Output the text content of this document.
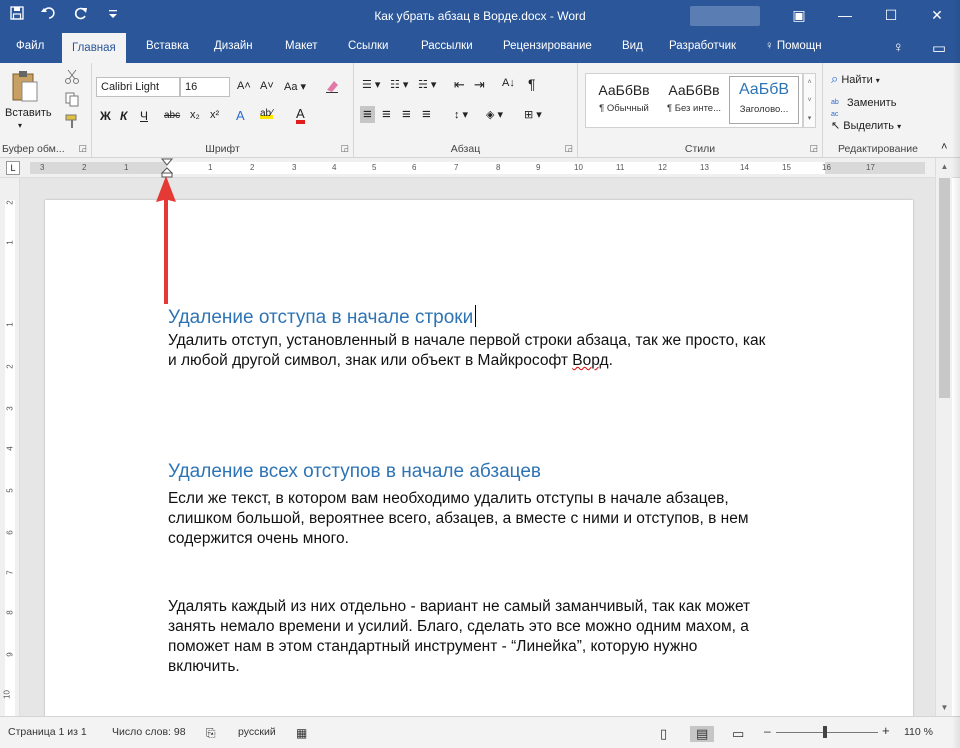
Как убрать абзац в Ворде.docx - Word	▣	—	☐	✕
Файл	Главная	Вставка Дизайн	Макет	Ссылки	Рассылки	Рецензирование	Вид Разработчик	♀ Помощн	♀ ▭
Вставить
▾
Буфер обм...	◲
Calibri Light	16	A˄ A˅ Aa ▾
Ж К Ч abc x₂ x² A ab⁄ A
Шрифт	◲
☰ ▾ ☷ ▾ ☵ ▾ ⇤ ⇥ A↓ ¶
≡ ≡ ≡ ≡ ↕ ▾ ◈ ▾ ⊞ ▾
Абзац	◲	Стили	◲
АаБбВв
¶ Обычный
АаБбВв
¶ Без инте...
АаБбВ
Заголово...
˄
˅
▾
⌕ Найти ▾
ab
ac
Заменить
↖ Выделить ▾
Редактирование	˄
L	3	2	1	1	2	3	4	5	6	7	8	9	10	11	12	13	14	15	16	17
2
1
1
2
3
4
5
6
7
8
9
10
Удаление отступа в начале строки
Удалить отступ, установленный в начале первой строки абзаца, так же просто, как
и любой другой символ, знак или объект в Майкрософт Ворд.
Удаление всех отступов в начале абзацев
Если же текст, в котором вам необходимо удалить отступы в начале абзацев,
слишком большой, вероятнее всего, абзацев, а вместе с ними и отступов, в нем
содержится очень много.
Удалять каждый из них отдельно - вариант не самый заманчивый, так как может
занять немало времени и усилий. Благо, сделать это все можно одним махом, а
поможет нам в этом стандартный инструмент - “Линейка”, которую нужно
включить.
▲
▼
Страница 1 из 1 Число слов: 98 ⎘ русский ▦	▯	▤	▭ –	+ 110 %
